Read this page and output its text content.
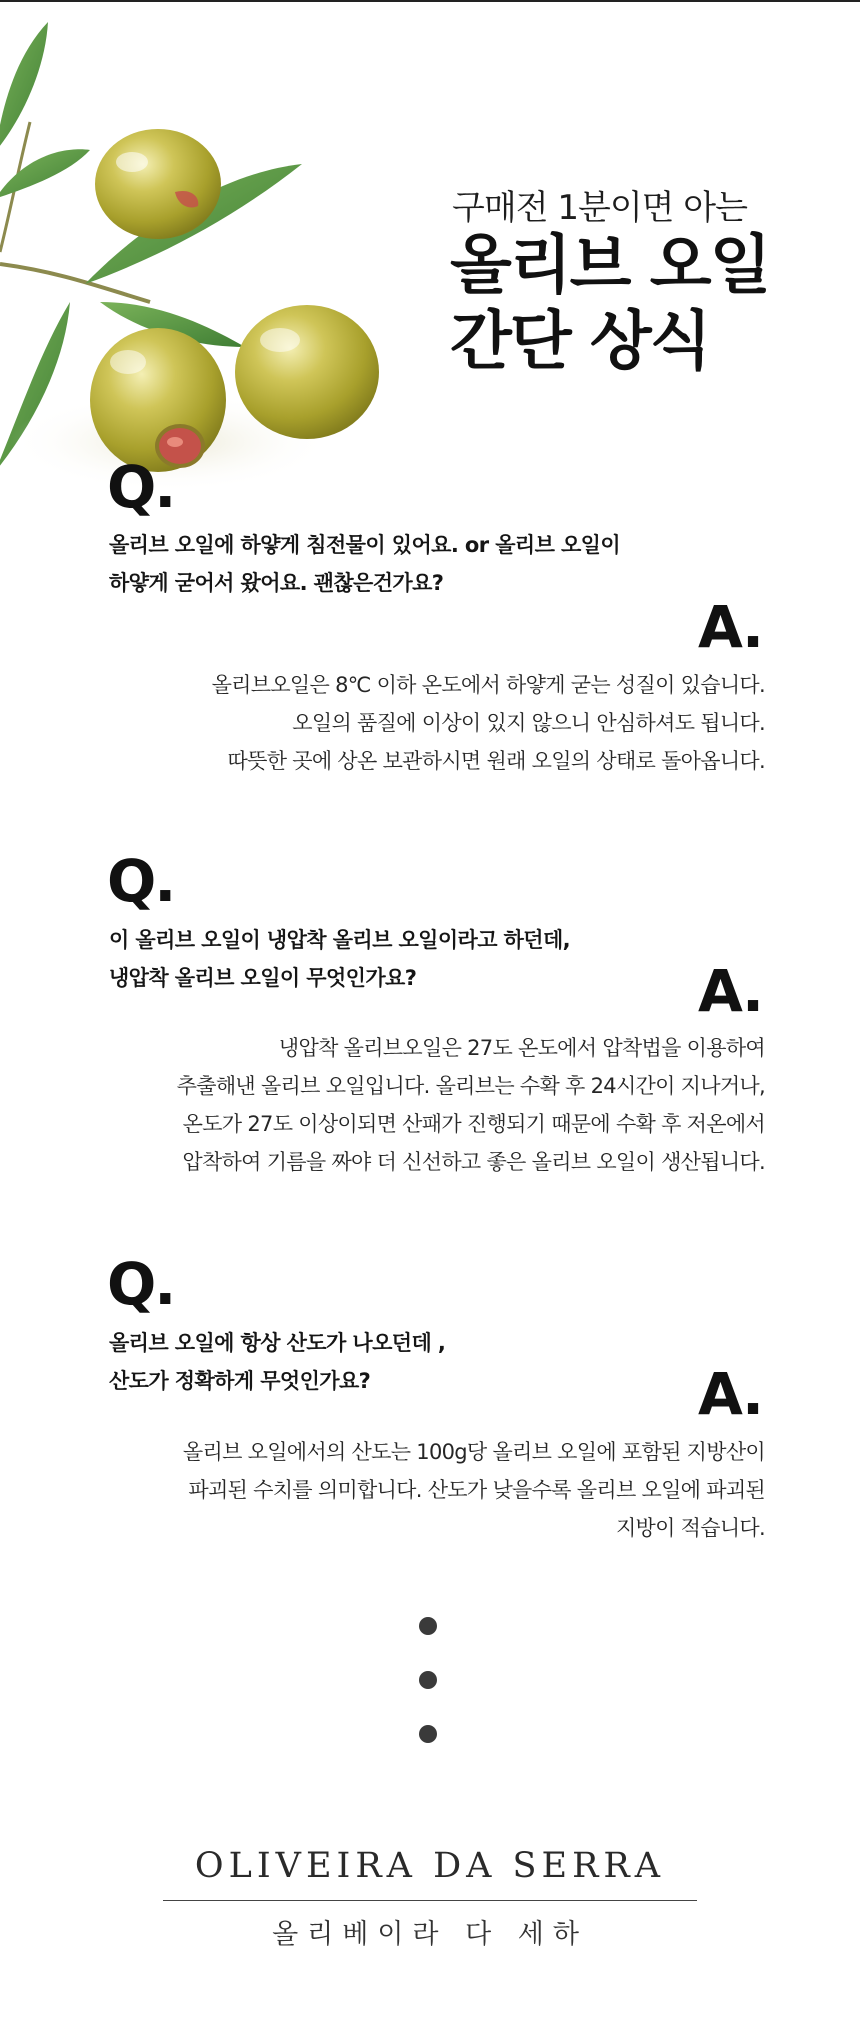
구매전 1분이면 아는
올리브 오일
간단 상식
Q.
올리브 오일에 하얗게 침전물이 있어요. or 올리브 오일이
하얗게 굳어서 왔어요. 괜찮은건가요?
A.
올리브오일은 8℃ 이하 온도에서 하얗게 굳는 성질이 있습니다.
오일의 품질에 이상이 있지 않으니 안심하셔도 됩니다.
따뜻한 곳에 상온 보관하시면 원래 오일의 상태로 돌아옵니다.
Q.
이 올리브 오일이 냉압착 올리브 오일이라고 하던데,
냉압착 올리브 오일이 무엇인가요?	A.
냉압착 올리브오일은 27도 온도에서 압착법을 이용하여
추출해낸 올리브 오일입니다. 올리브는 수확 후 24시간이 지나거나,
온도가 27도 이상이되면 산패가 진행되기 때문에 수확 후 저온에서
압착하여 기름을 짜야 더 신선하고 좋은 올리브 오일이 생산됩니다.
Q.
올리브 오일에 항상 산도가 나오던데 ,
산도가 정확하게 무엇인가요?	A.
올리브 오일에서의 산도는 100g당 올리브 오일에 포함된 지방산이
파괴된 수치를 의미합니다. 산도가 낮을수록 올리브 오일에 파괴된
지방이 적습니다.
OLIVEIRA DA SERRA
올리베이라 다 세하
